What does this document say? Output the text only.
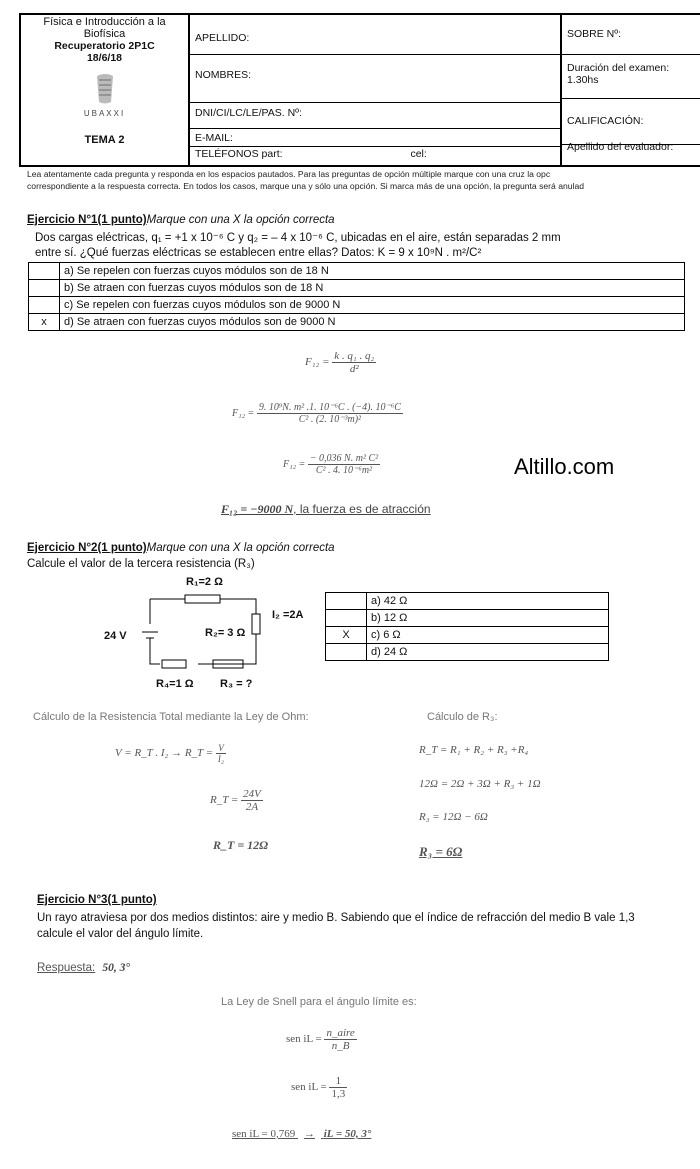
Física e Introducción a la Biofísica
Recuperatorio 2P1C
18/6/18
UBAXXI
TEMA 2
APELLIDO:
NOMBRES:
DNI/CI/LC/LE/PAS. Nº:
E-MAIL:
TELÉFONOS part:	cel:
SOBRE Nº:
Duración del examen: 1.30hs
CALIFICACIÓN:
Apellido del evaluador:
Lea atentamente cada pregunta y responda en los espacios pautados. Para las preguntas de opción múltiple marque con una cruz la opc
correspondiente a la respuesta correcta. En todos los casos, marque una y sólo una opción. Si marca más de una opción, la pregunta será anulad
Ejercicio N°1(1 punto)Marque con una X la opción correcta
Dos cargas eléctricas, q₁ = +1 x 10⁻⁶ C y q₂ = – 4 x 10⁻⁶ C, ubicadas en el aire, están separadas 2 mm
entre sí. ¿Qué fuerzas eléctricas se establecen entre ellas? Datos: K = 9 x 10⁹N . m²/C²
	a) Se repelen con fuerzas cuyos módulos son de 18 N
	b) Se atraen con fuerzas cuyos módulos son de 18 N
	c) Se repelen con fuerzas cuyos módulos son de 9000 N
x	d) Se atraen con fuerzas cuyos módulos son de 9000 N
$F_{12} = \frac{\text{k . q₁ . q₂}}{\text{d²}}$
$F_{12} = \frac{\text{9. 10⁹N. m² .1. 10⁻⁶C . (−4). 10⁻⁶C}}{\text{C² . (2. 10⁻³m)²}}$
$F_{12} = \frac{\text{− 0,036 N. m² C²}}{\text{C² . 4. 10⁻⁶m²}}$	Altillo.com
F₁₂ = −9000 N, la fuerza es de atracción
Ejercicio N°2(1 punto)Marque con una X la opción correcta
Calcule el valor de la tercera resistencia (R₃)
R₁=2 Ω
I₂ =2A
R₂= 3 Ω
24 V
R₄=1 Ω R₃ = ?
	a) 42 Ω
	b) 12 Ω
X	c) 6 Ω
	d) 24 Ω
Cálculo de la Resistencia Total mediante la Ley de Ohm:	Cálculo de R₃:
V = R_T . I₂ → R_T = $\frac{V}{\text{I₂}}$
R_T = $\frac{24V}{2A}$
R_T = 12Ω
R_T = R₁ + R₂ + R₃ +R₄
12Ω = 2Ω + 3Ω + R₃ + 1Ω
R₃ = 12Ω − 6Ω
R₃ = 6Ω
Ejercicio N°3(1 punto)
Un rayo atraviesa por dos medios distintos: aire y medio B. Sabiendo que el índice de refracción del medio B vale 1,3
calcule el valor del ángulo límite.
Respuesta: 50, 3°
La Ley de Snell para el ángulo límite es:
sen iL = $\frac{\text{n\_aire}}{n\_B}$
sen iL = $\frac{1}{1,3}$
sen iL = 0,769 → iL = 50, 3°
